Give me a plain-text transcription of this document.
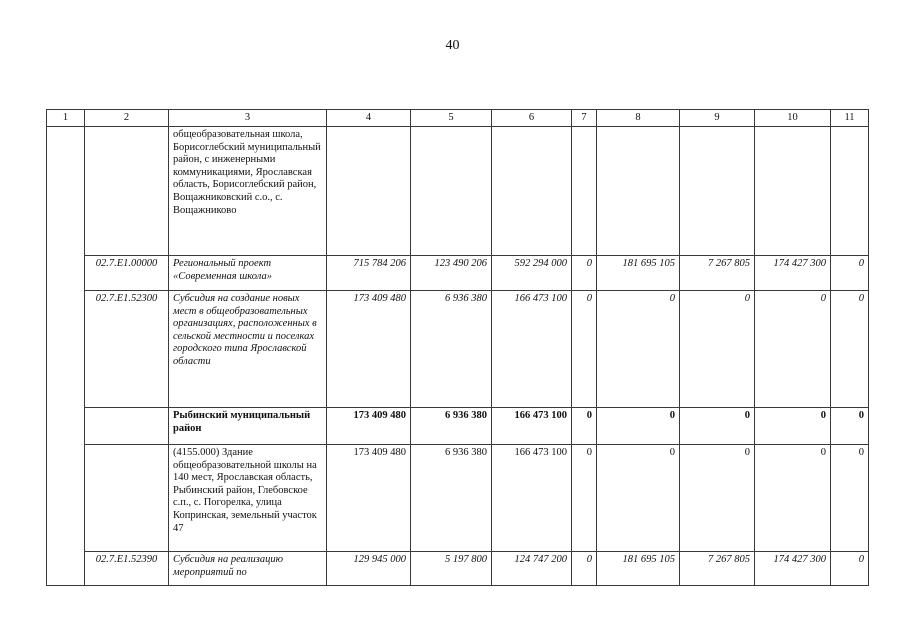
40
1	2	3	4	5	6	7	8	9	10	11
		общеобразовательная школа, Борисоглебский муниципальный район, с инженерными коммуникациями, Ярославская область, Борисоглебский район, Вощажниковский с.о., с. Вощажниково								
	02.7.E1.00000	Региональный проект «Современная школа»	715 784 206	123 490 206	592 294 000	0	181 695 105	7 267 805	174 427 300	0
	02.7.E1.52300	Субсидия на создание новых мест в общеобразовательных организациях, расположенных в сельской местности и поселках городского типа Ярославской области	173 409 480	6 936 380	166 473 100	0	0	0	0	0
		Рыбинский муниципальный район	173 409 480	6 936 380	166 473 100	0	0	0	0	0
		(4155.000) Здание общеобразовательной школы на 140 мест, Ярославская область, Рыбинский район, Глебовское с.п., с. Погорелка, улица Копринская, земельный участок 47	173 409 480	6 936 380	166 473 100	0	0	0	0	0
	02.7.E1.52390	Субсидия на реализацию мероприятий по	129 945 000	5 197 800	124 747 200	0	181 695 105	7 267 805	174 427 300	0
